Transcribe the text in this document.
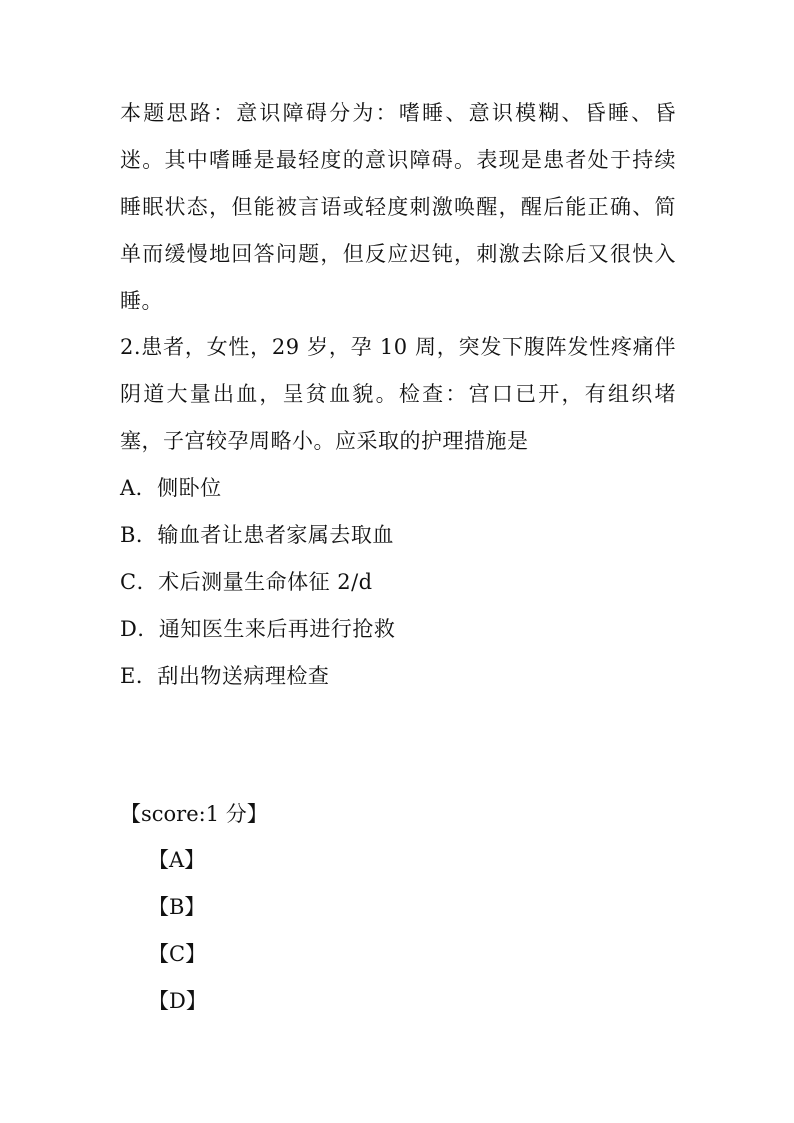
本题思路：意识障碍分为：嗜睡、意识模糊、昏睡、昏迷。其中嗜睡是最轻度的意识障碍。表现是患者处于持续睡眠状态，但能被言语或轻度刺激唤醒，醒后能正确、简单而缓慢地回答问题，但反应迟钝，刺激去除后又很快入睡。

2.患者，女性，29 岁，孕 10 周，突发下腹阵发性疼痛伴阴道大量出血，呈贫血貌。检查：宫口已开，有组织堵塞，子宫较孕周略小。应采取的护理措施是

A．侧卧位

B．输血者让患者家属去取血

C．术后测量生命体征 2/d

D．通知医生来后再进行抢救

E．刮出物送病理检查

【score:1 分】

【A】

【B】

【C】

【D】
